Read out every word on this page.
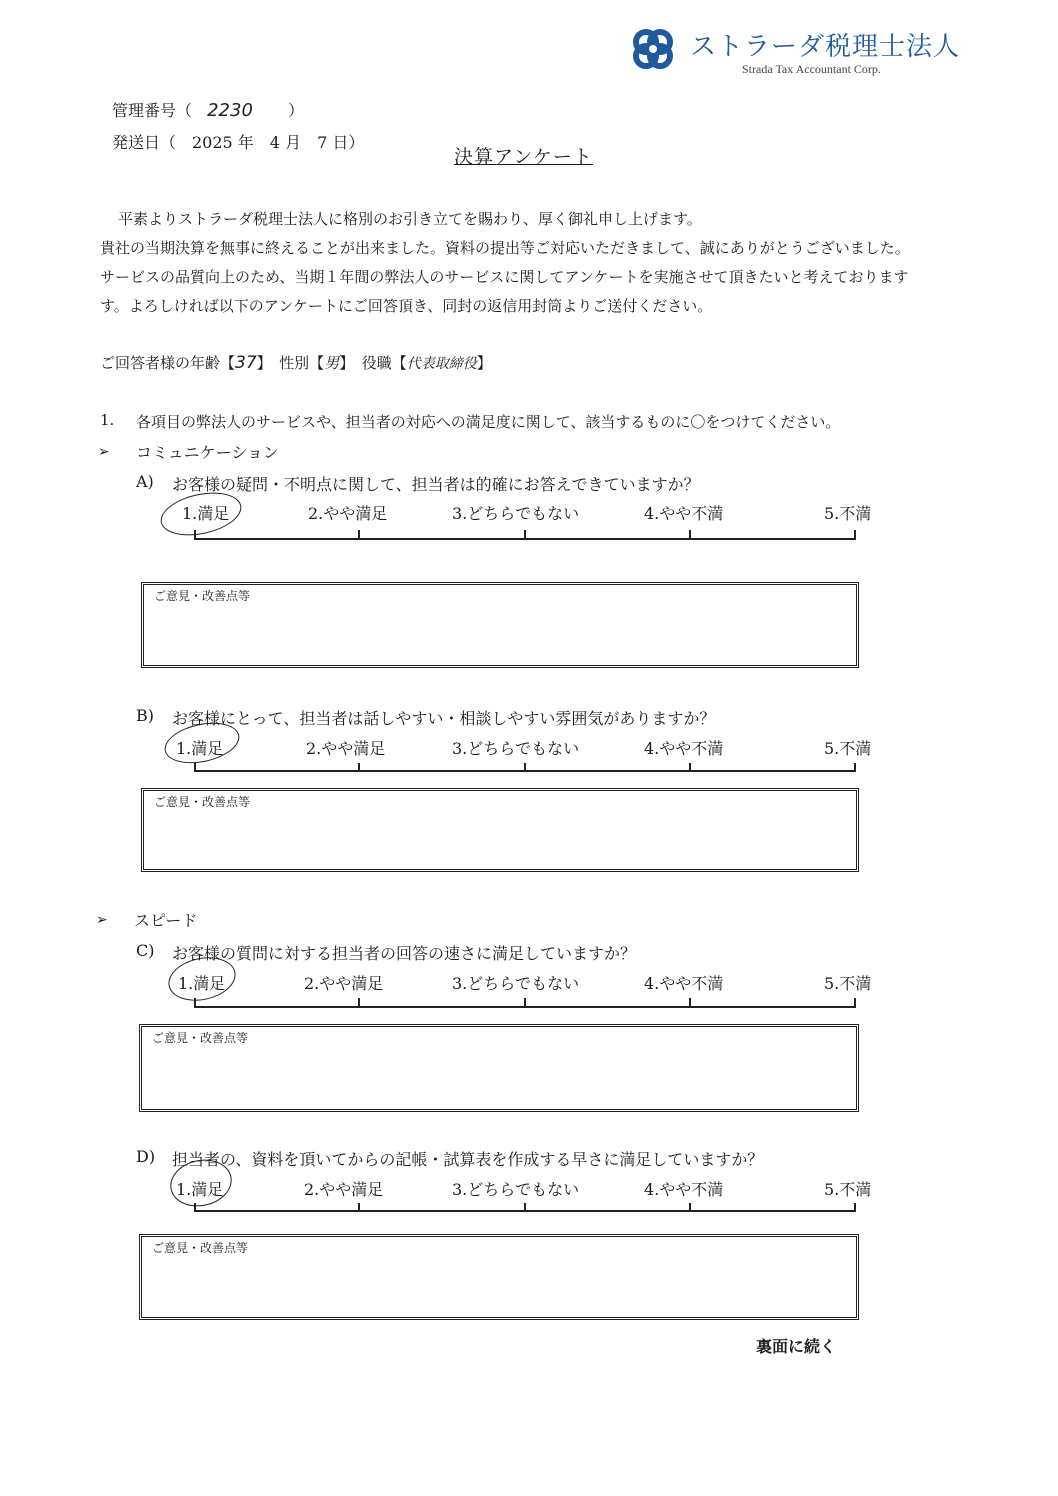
ストラーダ税理士法人
Strada Tax Accountant Corp.
管理番号（ 2230 ）
発送日（　2025 年　4 月　7 日）
決算アンケート
平素よりストラーダ税理士法人に格別のお引き立てを賜わり、厚く御礼申し上げます。
貴社の当期決算を無事に終えることが出来ました。資料の提出等ご対応いただきまして、誠にありがとうございました。
サービスの品質向上のため、当期１年間の弊法人のサービスに関してアンケートを実施させて頂きたいと考えております
す。よろしければ以下のアンケートにご回答頂き、同封の返信用封筒よりご送付ください。
ご回答者様の年齢【37】　性別【男】　役職【代表取締役】
1. 各項目の弊法人のサービスや、担当者の対応への満足度に関して、該当するものに〇をつけてください。
➢ コミュニケーション
A) お客様の疑問・不明点に関して、担当者は的確にお答えできていますか？
1.満足	2.やや満足	3.どちらでもない	4.やや不満	5.不満
ご意見・改善点等
B) お客様にとって、担当者は話しやすい・相談しやすい雰囲気がありますか？
1.満足	2.やや満足	3.どちらでもない	4.やや不満	5.不満
ご意見・改善点等
➢ スピード
C) お客様の質問に対する担当者の回答の速さに満足していますか？
1.満足	2.やや満足	3.どちらでもない	4.やや不満	5.不満
ご意見・改善点等
D) 担当者の、資料を頂いてからの記帳・試算表を作成する早さに満足していますか？
1.満足	2.やや満足	3.どちらでもない	4.やや不満	5.不満
ご意見・改善点等
裏面に続く
